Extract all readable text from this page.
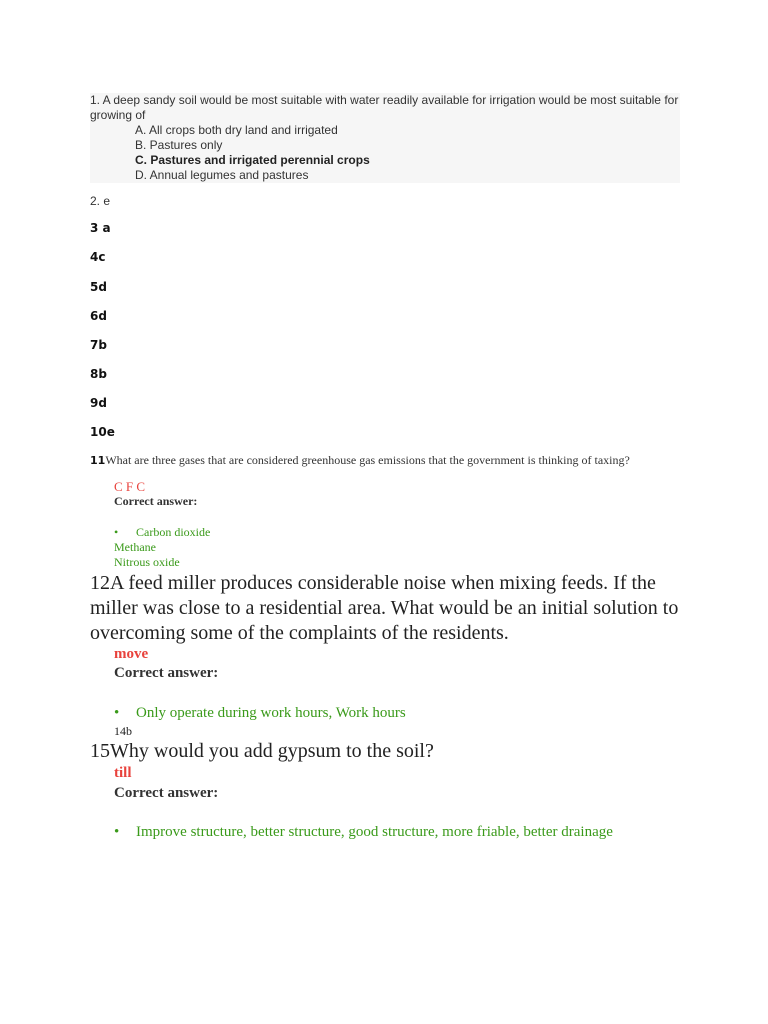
1. A deep sandy soil would be most suitable with water readily available for irrigation would be most suitable for growing of
A. All crops both dry land and irrigated
B. Pastures only
C. Pastures and irrigated perennial crops
D. Annual legumes and pastures
2. e
3 a
4c
5d
6d
7b
8b
9d
10e
11What are three gases that are considered greenhouse gas emissions that the government is thinking of taxing?
C F C
Correct answer:
•	Carbon dioxide
Methane
Nitrous oxide
12A feed miller produces considerable noise when mixing feeds. If the miller was close to a residential area. What would be an initial solution to overcoming some of the complaints of the residents.
move
Correct answer:
•	Only operate during work hours, Work hours
14b
15Why would you add gypsum to the soil?
till
Correct answer:
•	Improve structure, better structure, good structure, more friable, better drainage
